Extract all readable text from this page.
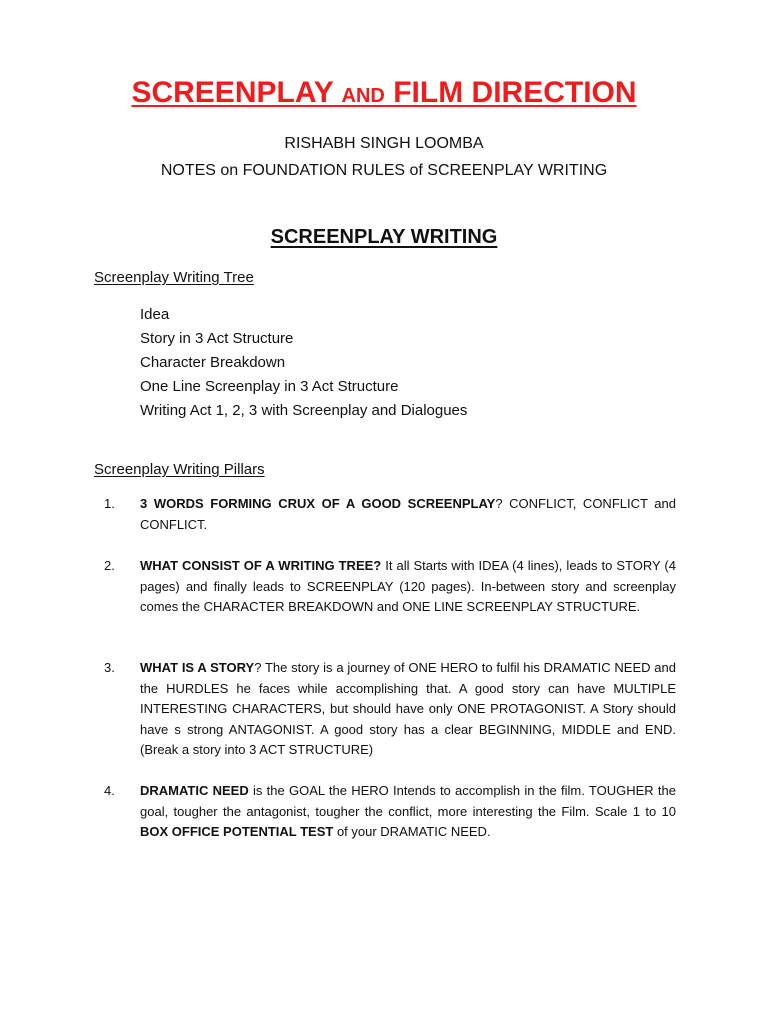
SCREENPLAY AND FILM DIRECTION
RISHABH SINGH LOOMBA
NOTES on FOUNDATION RULES of SCREENPLAY WRITING
SCREENPLAY WRITING
Screenplay Writing Tree
Idea
Story in 3 Act Structure
Character Breakdown
One Line Screenplay in 3 Act Structure
Writing Act 1, 2, 3 with Screenplay and Dialogues
Screenplay Writing Pillars
1. 3 WORDS FORMING CRUX OF A GOOD SCREENPLAY? CONFLICT, CONFLICT and CONFLICT.
2. WHAT CONSIST OF A WRITING TREE? It all Starts with IDEA (4 lines), leads to STORY (4 pages) and finally leads to SCREENPLAY (120 pages). In-between story and screenplay comes the CHARACTER BREAKDOWN and ONE LINE SCREENPLAY STRUCTURE.
3. WHAT IS A STORY? The story is a journey of ONE HERO to fulfil his DRAMATIC NEED and the HURDLES he faces while accomplishing that. A good story can have MULTIPLE INTERESTING CHARACTERS, but should have only ONE PROTAGONIST. A Story should have s strong ANTAGONIST. A good story has a clear BEGINNING, MIDDLE and END. (Break a story into 3 ACT STRUCTURE)
4. DRAMATIC NEED is the GOAL the HERO Intends to accomplish in the film. TOUGHER the goal, tougher the antagonist, tougher the conflict, more interesting the Film. Scale 1 to 10 BOX OFFICE POTENTIAL TEST of your DRAMATIC NEED.
